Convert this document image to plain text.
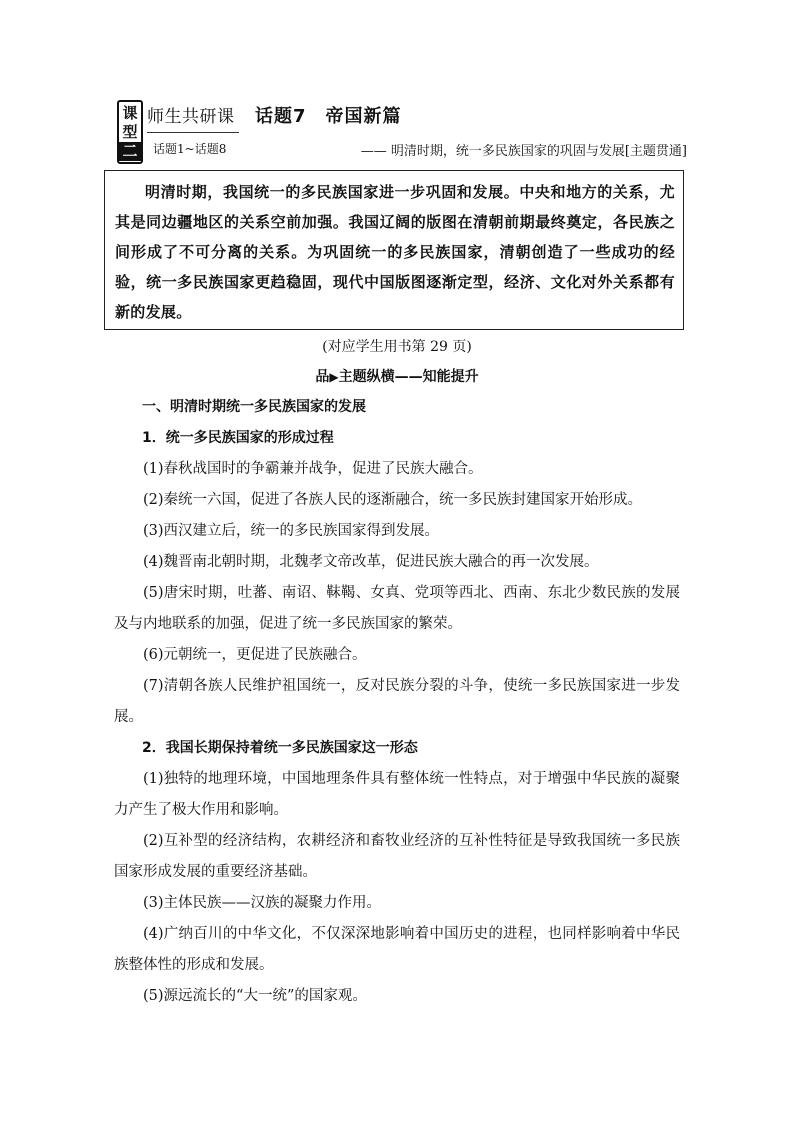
课
型
二
师生共研课
话题1~话题8
话题7　帝国新篇
—— 明清时期，统一多民族国家的巩固与发展[主题贯通]

明清时期，我国统一的多民族国家进一步巩固和发展。中央和地方的关系，尤其是同边疆地区的关系空前加强。我国辽阔的版图在清朝前期最终奠定，各民族之间形成了不可分离的关系。为巩固统一的多民族国家，清朝创造了一些成功的经验，统一多民族国家更趋稳固，现代中国版图逐渐定型，经济、文化对外关系都有新的发展。

(对应学生用书第 29 页)
品▶主题纵横——知能提升

一、明清时期统一多民族国家的发展

1．统一多民族国家的形成过程

(1)春秋战国时的争霸兼并战争，促进了民族大融合。

(2)秦统一六国，促进了各族人民的逐渐融合，统一多民族封建国家开始形成。

(3)西汉建立后，统一的多民族国家得到发展。

(4)魏晋南北朝时期，北魏孝文帝改革，促进民族大融合的再一次发展。

(5)唐宋时期，吐蕃、南诏、靺鞨、女真、党项等西北、西南、东北少数民族的发展及与内地联系的加强，促进了统一多民族国家的繁荣。

(6)元朝统一，更促进了民族融合。

(7)清朝各族人民维护祖国统一，反对民族分裂的斗争，使统一多民族国家进一步发展。

2．我国长期保持着统一多民族国家这一形态

(1)独特的地理环境，中国地理条件具有整体统一性特点，对于增强中华民族的凝聚力产生了极大作用和影响。

(2)互补型的经济结构，农耕经济和畜牧业经济的互补性特征是导致我国统一多民族国家形成发展的重要经济基础。

(3)主体民族——汉族的凝聚力作用。

(4)广纳百川的中华文化，不仅深深地影响着中国历史的进程，也同样影响着中华民族整体性的形成和发展。

(5)源远流长的“大一统”的国家观。
